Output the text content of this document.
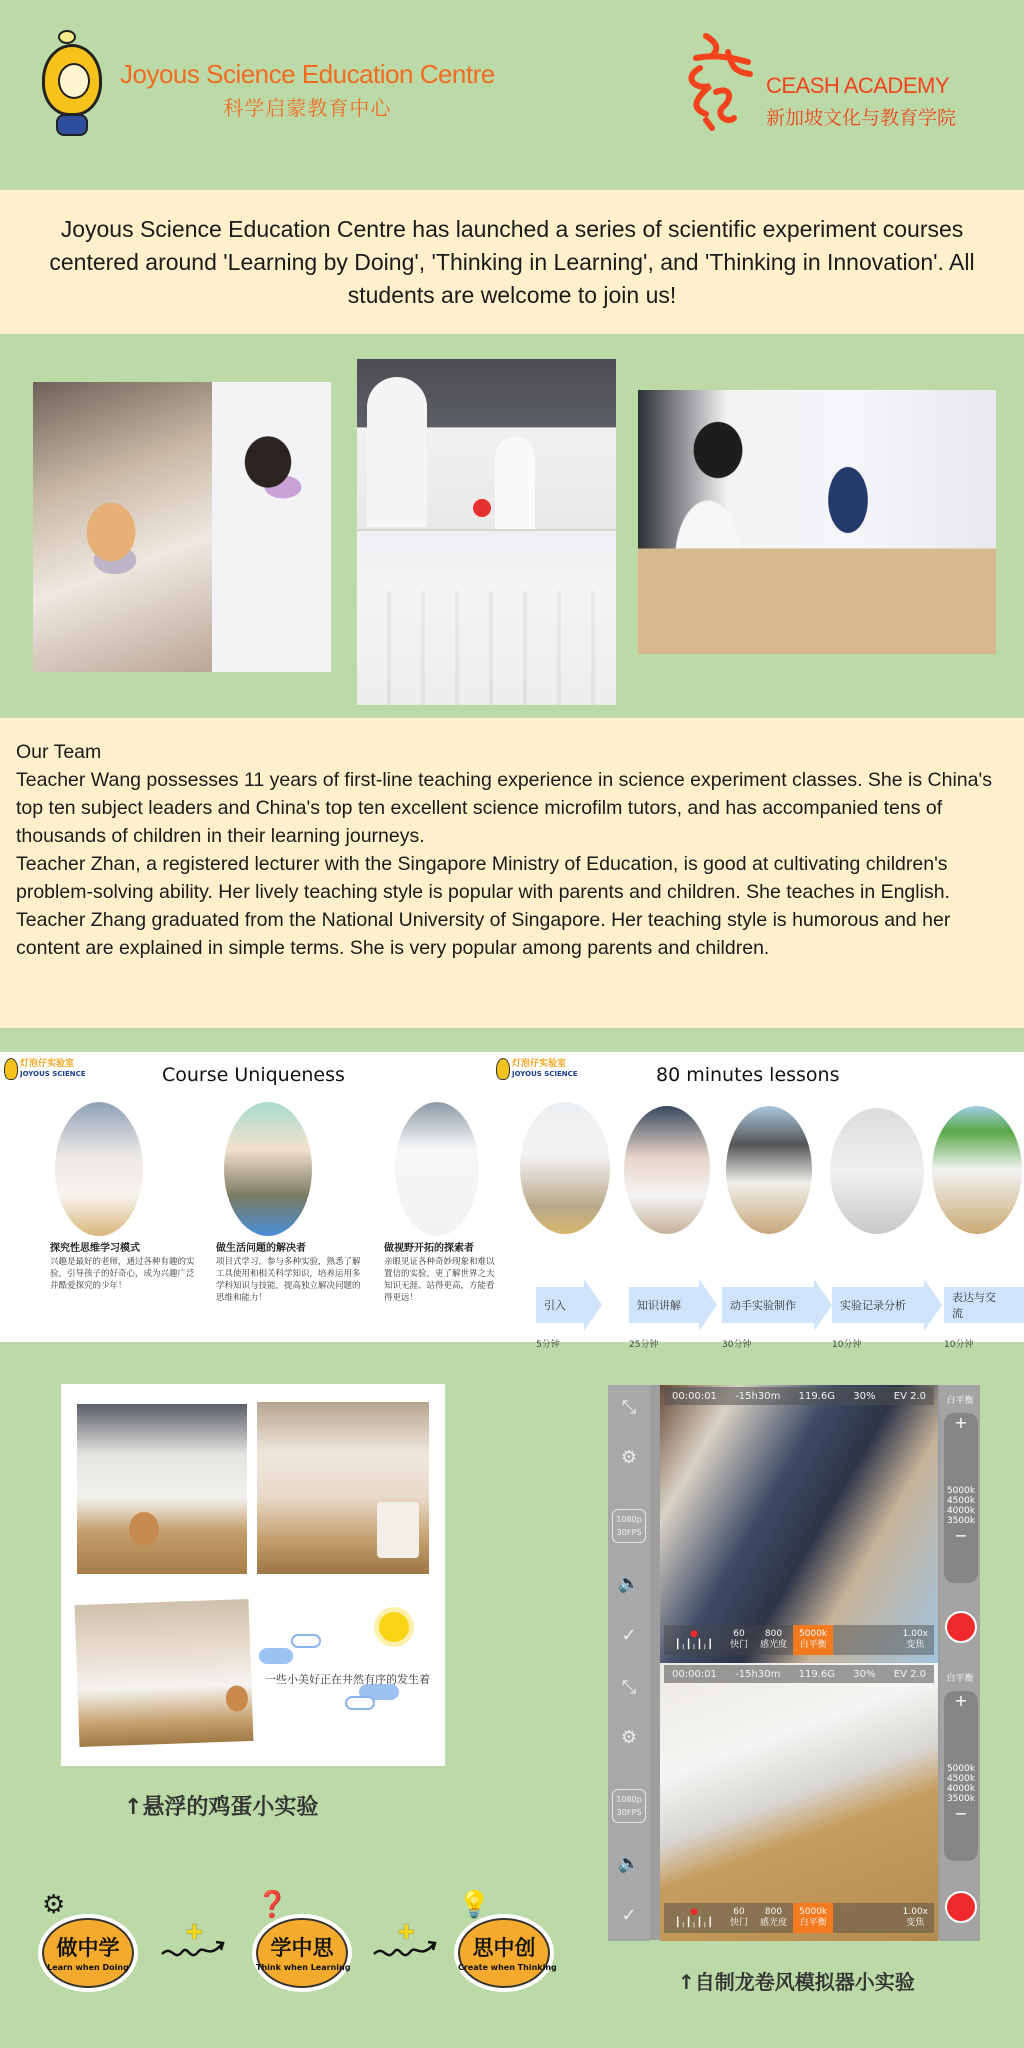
Joyous Science Education Centre
科学启蒙教育中心
CEASH ACADEMY
新加坡文化与教育学院

Joyous Science Education Centre has launched a series of scientific experiment courses centered around 'Learning by Doing', 'Thinking in Learning', and 'Thinking in Innovation'. All students are welcome to join us!

Our Team

Teacher Wang possesses 11 years of first-line teaching experience in science experiment classes. She is China's top ten subject leaders and China's top ten excellent science microfilm tutors, and has accompanied tens of thousands of children in their learning journeys.

Teacher Zhan, a registered lecturer with the Singapore Ministry of Education, is good at cultivating children's problem-solving ability. Her lively teaching style is popular with parents and children. She teaches in English.

Teacher Zhang graduated from the National University of Singapore. Her teaching style is humorous and her content are explained in simple terms. She is very popular among parents and children.

灯泡仔实验室
JOYOUS SCIENCE	Course Uniqueness
探究性思维学习模式
兴趣是最好的老师，通过各种有趣的实验，引导孩子的好奇心，成为兴趣广泛并酷爱探究的少年！
做生活问题的解决者
项目式学习，参与多种实验，熟悉了解工具使用和相关科学知识，培养运用多学科知识与技能，提高独立解决问题的思维和能力！
做视野开拓的探索者
亲眼见证各种奇妙现象和难以置信的实验，更了解世界之大知识无涯、站得更高，方能看得更远！
灯泡仔实验室
JOYOUS SCIENCE	80 minutes lessons
引入
5分钟
知识讲解
25分钟
动手实验制作
30分钟
实验记录分析
10分钟
表达与交流
10分钟
一些小美好正在井然有序的发生着
↑悬浮的鸡蛋小实验
⤡
⚙
1080p
30FPS
🔈
✓
00:00:01 -15h30m 119.6G 30% EV 2.0
●
┃╷┃╷┃╷┃
60
快门
800
感光度
5000k
白平衡
1.00x
变焦
白平衡
+
5000k
4500k
4000k
3500k
−
⤡
⚙
1080p
30FPS
🔈
✓
00:00:01 -15h30m 119.6G 30% EV 2.0
●
┃╷┃╷┃╷┃
60
快门
800
感光度
5000k
白平衡
1.00x
变焦
白平衡
+
5000k
4500k
4000k
3500k
−
↑自制龙卷风模拟器小实验
⚙
做中学
Learn when Doing
✚
❓
学中思
Think when Learning
✚
💡
思中创
Create when Thinking
